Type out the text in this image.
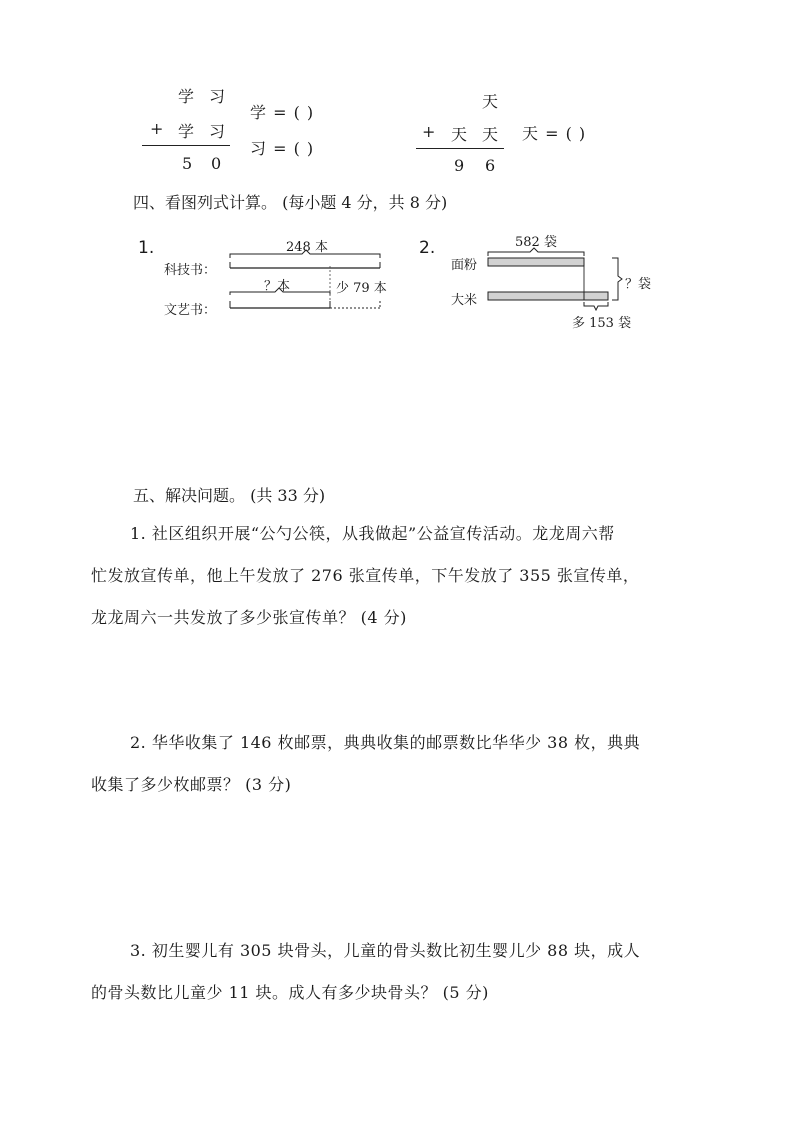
学 习
+ 学 习
5 0
学 = ( )
习 = ( )
天
+ 天 天
9 6
天 = ( )
四、看图列式计算。 (每小题 4 分，共 8 分)
1.
科技书：
文艺书：
248 本
？本	少 79 本
2.
面粉
大米
582 袋
多 153 袋
？袋
五、解决问题。 (共 33 分)
1. 社区组织开展“公勺公筷，从我做起”公益宣传活动。龙龙周六帮
忙发放宣传单，他上午发放了 276 张宣传单，下午发放了 355 张宣传单，
龙龙周六一共发放了多少张宣传单？ (4 分)
2. 华华收集了 146 枚邮票，典典收集的邮票数比华华少 38 枚，典典
收集了多少枚邮票？ (3 分)
3. 初生婴儿有 305 块骨头，儿童的骨头数比初生婴儿少 88 块，成人
的骨头数比儿童少 11 块。成人有多少块骨头？ (5 分)
